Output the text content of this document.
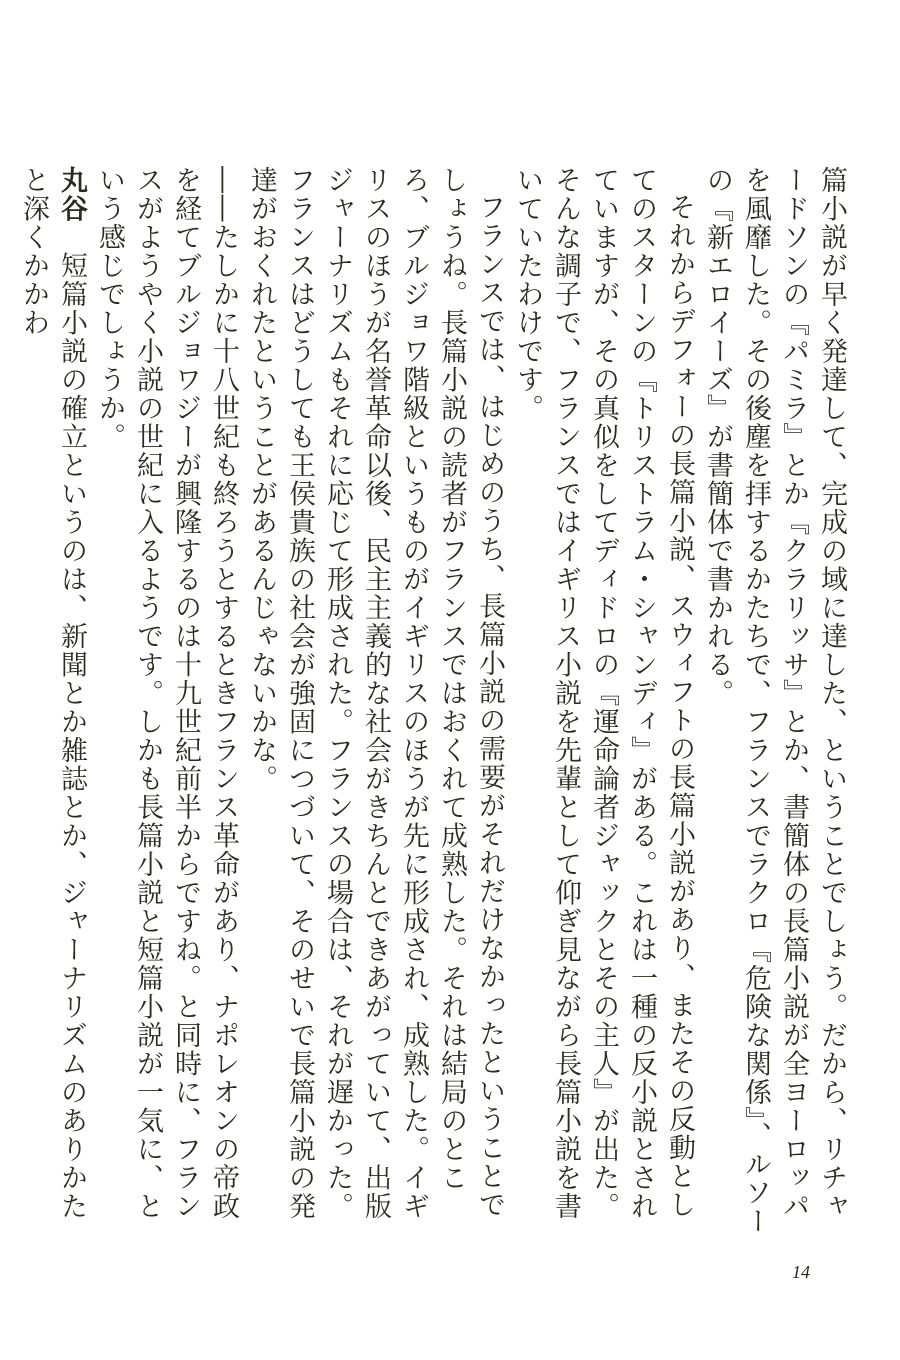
篇小説が早く発達して、完成の域に達した、ということでしょう。だから、リチャードソンの『パミラ』とか『クラリッサ』とか、書簡体の長篇小説が全ヨーロッパを風靡した。その後塵を拝するかたちで、フランスでラクロ『危険な関係』、ルソーの『新エロイーズ』が書簡体で書かれる。

それからデフォーの長篇小説、スウィフトの長篇小説があり、またその反動としてのスターンの『トリストラム・シャンディ』がある。これは一種の反小説とされていますが、その真似をしてディドロの『運命論者ジャックとその主人』が出た。そんな調子で、フランスではイギリス小説を先輩として仰ぎ見ながら長篇小説を書いていたわけです。

フランスでは、はじめのうち、長篇小説の需要がそれだけなかったということでしょうね。長篇小説の読者がフランスではおくれて成熟した。それは結局のところ、ブルジョワ階級というものがイギリスのほうが先に形成され、成熟した。イギリスのほうが名誉革命以後、民主主義的な社会がきちんとできあがっていて、出版ジャーナリズムもそれに応じて形成された。フランスの場合は、それが遅かった。フランスはどうしても王侯貴族の社会が強固につづいて、そのせいで長篇小説の発達がおくれたということがあるんじゃないかな。

――たしかに十八世紀も終ろうとするときフランス革命があり、ナポレオンの帝政を経てブルジョワジーが興隆するのは十九世紀前半からですね。と同時に、フランスがようやく小説の世紀に入るようです。しかも長篇小説と短篇小説が一気に、という感じでしょうか。

丸谷　短篇小説の確立というのは、新聞とか雑誌とか、ジャーナリズムのありかたと深くかかわ

14
